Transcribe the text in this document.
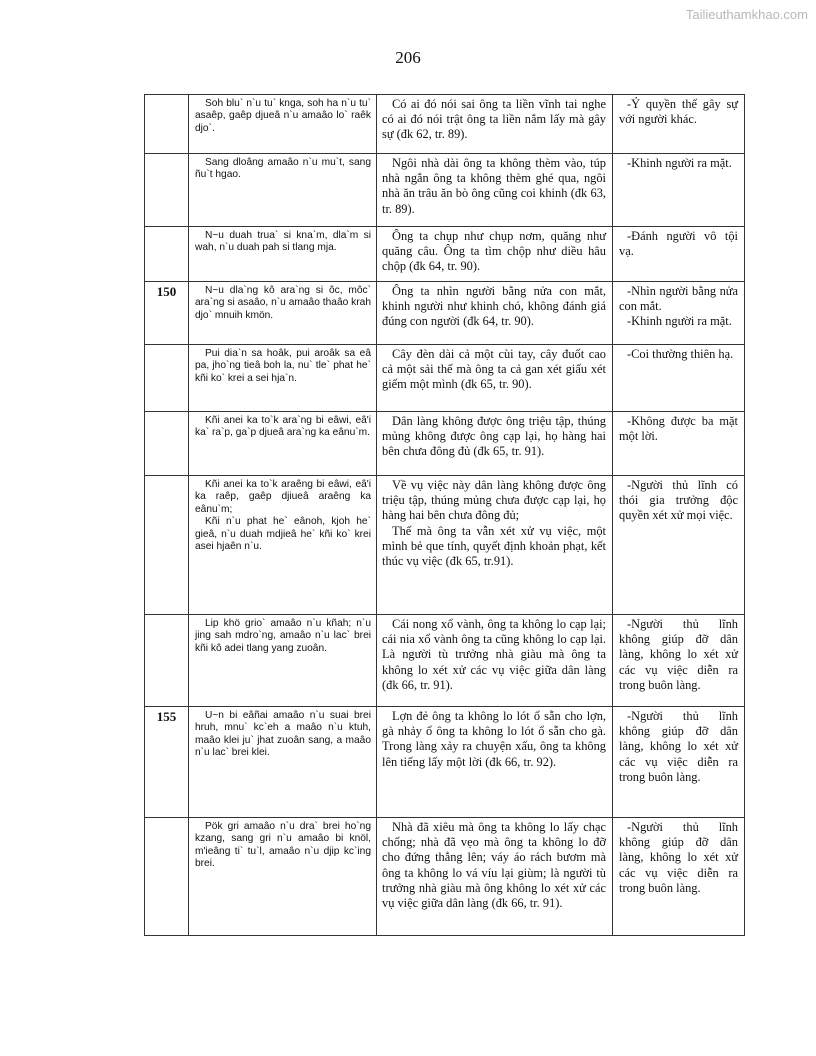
Tailieuthamkhao.com
206

	Soh blu` n`u tu` knga, soh ha n`u tu` asaêp, gaêp djueâ n`u amaâo lo` raêk djo`.	Có ai đó nói sai ông ta liền vĩnh tai nghe có ai đó nói trật ông ta liền nắm lấy mà gây sự (đk 62, tr. 89).	-Ỷ quyền thế gây sự với người khác.

	Sang dloâng amaâo n`u mu`t, sang ñu`t hgao.	Ngôi nhà dài ông ta không thèm vào, túp nhà ngắn ông ta không thèm ghé qua, ngôi nhà ăn trâu ăn bò ông cũng coi khinh (đk 63, tr. 89).	-Khinh người ra mặt.

	N~u duah trua` si kna`m, dla`m si wah, n`u duah pah si tlang mja.	Ông ta chụp như chụp nơm, quăng như quăng câu. Ông ta tìm chộp như diều hâu chộp (đk 64, tr. 90).	-Đánh người vô tội vạ.

150	N~u dla`ng kô ara`ng si ôc, môc` ara`ng si asaâo, n`u amaâo thaâo krah djo` mnuih kmön.	Ông ta nhìn người bằng nửa con mắt, khinh người như khinh chó, không đánh giá đúng con người (đk 64, tr. 90).	-Nhìn người bằng nửa con mắt.
-Khinh người ra mặt.

	Pui dia`n sa hoâk, pui aroâk sa eâ pa, jho`ng tieâ boh la, nu` tle` phat he` kñi ko` krei a sei hja`n.	Cây đèn dài cả một cùi tay, cây đuốt cao cả một sải thế mà ông ta cả gan xét giấu xét giếm một mình (đk 65, tr. 90).	-Coi thường thiên hạ.

	Kñi anei ka to`k ara`ng bi eâwi, eâ'i ka` ra`p, ga`p djueâ ara`ng ka eânu`m.	Dân làng không được ông triệu tập, thúng mủng không được ông cạp lại, họ hàng hai bên chưa đông đủ (đk 65, tr. 91).	-Không được ba mặt một lời.

	Kñi anei ka to`k araêng bi eâwi, eâ'i ka raêp, gaêp djiueâ araêng ka eânu`m;
Kñi n`u phat he` eânoh, kjoh he` gieâ, n`u duah mdjieâ he` kñi ko` krei asei hjaên n`u.	Về vụ việc này dân làng không được ông triệu tập, thúng mủng chưa được cạp lại, họ hàng hai bên chưa đông đủ;
Thế mà ông ta vẫn xét xử vụ việc, một mình bẻ que tính, quyết định khoản phạt, kết thúc vụ việc (đk 65, tr.91).	-Người thủ lĩnh có thói gia trưởng độc quyền xét xử mọi việc.

	Lip khö grio` amaâo n`u kñah; n`u jing sah mdro`ng, amaâo n`u lac` brei kñi kô adei tlang yang zuoân.	Cái nong xổ vành, ông ta không lo cạp lại; cái nia xổ vành ông ta cũng không lo cạp lại. Là người tù trưởng nhà giàu mà ông ta không lo xét xử các vụ việc giữa dân làng (đk 66, tr. 91).	-Người thủ lĩnh không giúp đỡ dân làng, không lo xét xử các vụ việc diễn ra trong buôn làng.

155	U~n bi eâñai amaâo n`u suai brei hruh, mnu` kc`eh a maâo n`u ktuh, maâo klei ju` jhat zuoân sang, a maâo n`u lac` brei klei.	Lợn đẻ ông ta không lo lót ổ sẵn cho lợn, gà nhảy ổ ông ta không lo lót ổ sẵn cho gà. Trong làng xảy ra chuyện xấu, ông ta không lên tiếng lấy một lời (đk 66, tr. 92).	-Người thủ lĩnh không giúp đỡ dân làng, không lo xét xử các vụ việc diễn ra trong buôn làng.

	Pök gri amaâo n`u dra` brei ho`ng kzang, sang gri n`u amaâo bi knöl, m'ieâng ti` tu`l, amaâo n`u djip kc`ing brei.	Nhà đã xiêu mà ông ta không lo lấy chạc chống; nhà đã vẹo mà ông ta không lo đỡ cho đứng thẳng lên; váy áo rách bươm mà ông ta không lo vá víu lại giùm; là người tù trưởng nhà giàu mà ông không lo xét xử các vụ việc giữa dân làng (đk 66, tr. 91).	-Người thủ lĩnh không giúp đỡ dân làng, không lo xét xử các vụ việc diễn ra trong buôn làng.
